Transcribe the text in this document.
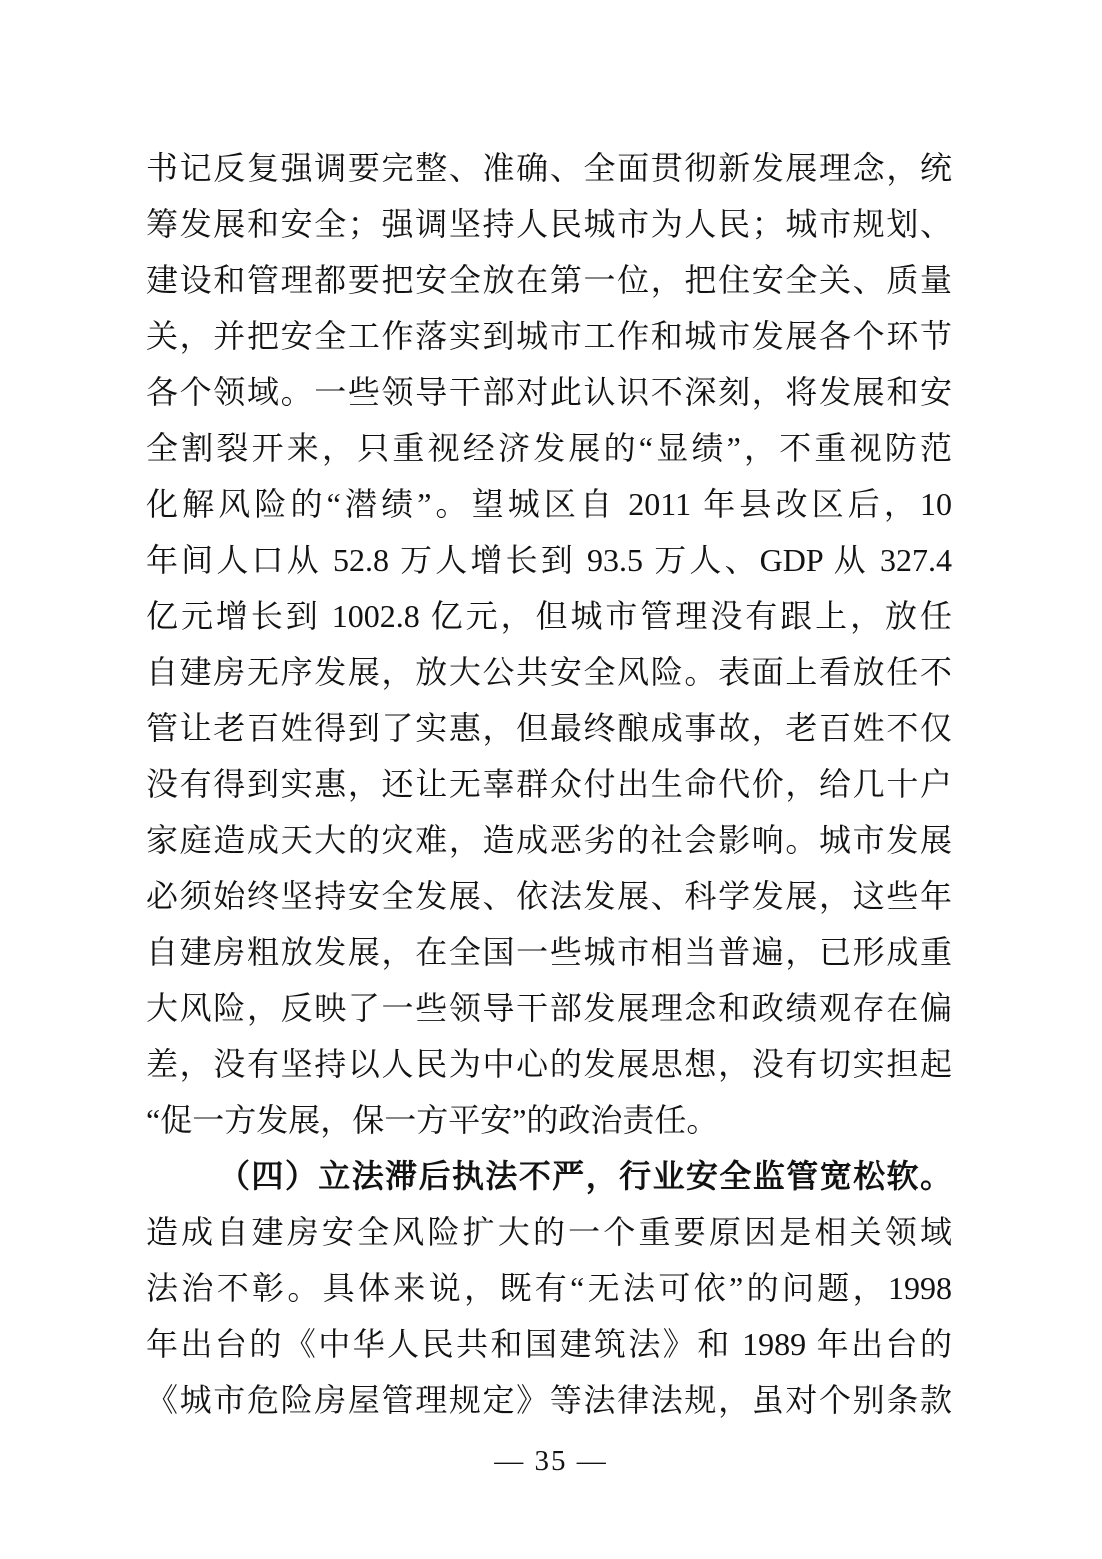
书记反复强调要完整、准确、全面贯彻新发展理念，统
筹发展和安全；强调坚持人民城市为人民；城市规划、
建设和管理都要把安全放在第一位，把住安全关、质量
关，并把安全工作落实到城市工作和城市发展各个环节
各个领域。一些领导干部对此认识不深刻，将发展和安
全割裂开来，只重视经济发展的“显绩”，不重视防范
化解风险的“潜绩”。望城区自 2011 年县改区后，10
年间人口从 52.8 万人增长到 93.5 万人、GDP 从 327.4
亿元增长到 1002.8 亿元，但城市管理没有跟上，放任
自建房无序发展，放大公共安全风险。表面上看放任不
管让老百姓得到了实惠，但最终酿成事故，老百姓不仅
没有得到实惠，还让无辜群众付出生命代价，给几十户
家庭造成天大的灾难，造成恶劣的社会影响。城市发展
必须始终坚持安全发展、依法发展、科学发展，这些年
自建房粗放发展，在全国一些城市相当普遍，已形成重
大风险，反映了一些领导干部发展理念和政绩观存在偏
差，没有坚持以人民为中心的发展思想，没有切实担起
“促一方发展，保一方平安”的政治责任。
（四）立法滞后执法不严，行业安全监管宽松软。
造成自建房安全风险扩大的一个重要原因是相关领域
法治不彰。具体来说，既有“无法可依”的问题，1998
年出台的《中华人民共和国建筑法》和 1989 年出台的
《城市危险房屋管理规定》等法律法规，虽对个别条款
— 35 —
